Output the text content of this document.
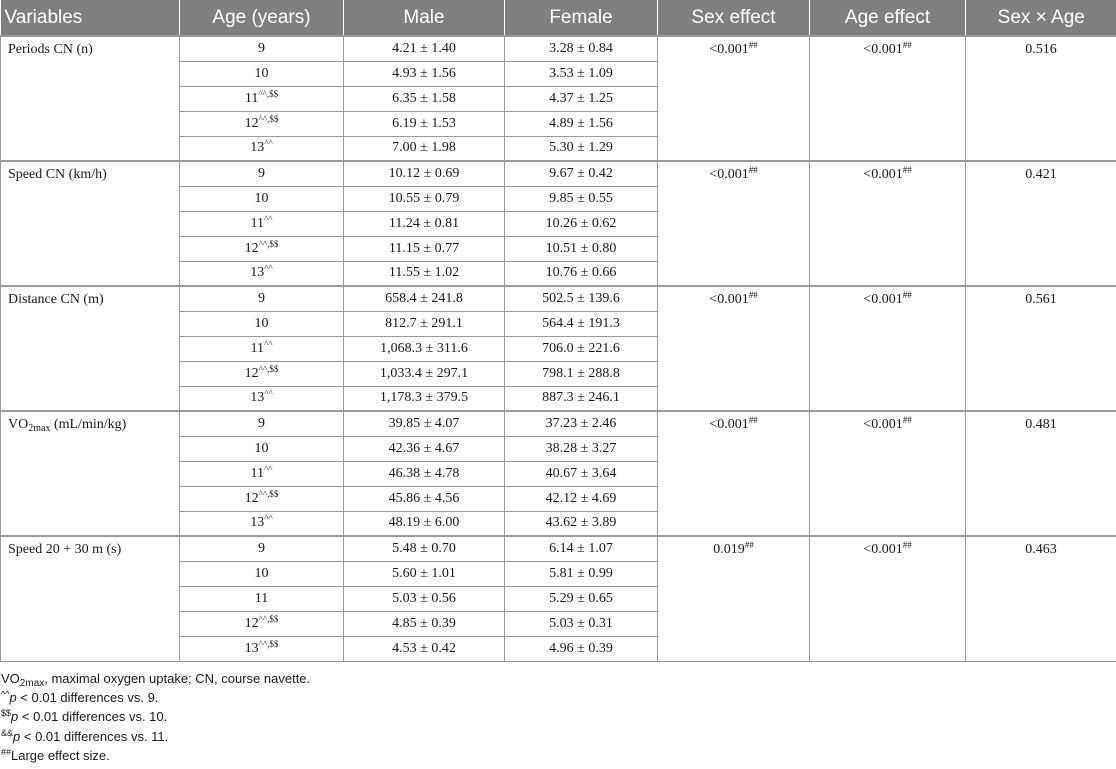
Variables	Age (years)	Male	Female	Sex effect	Age effect	Sex × Age
Periods CN (n)	9	4.21 ± 1.40	3.28 ± 0.84	<0.001##	<0.001##	0.516
	10	4.93 ± 1.56	3.53 ± 1.09			
	11^^,$$	6.35 ± 1.58	4.37 ± 1.25			
	12^^,$$	6.19 ± 1.53	4.89 ± 1.56			
	13^^	7.00 ± 1.98	5.30 ± 1.29			
Speed CN (km/h)	9	10.12 ± 0.69	9.67 ± 0.42	<0.001##	<0.001##	0.421
	10	10.55 ± 0.79	9.85 ± 0.55			
	11^^	11.24 ± 0.81	10.26 ± 0.62			
	12^^,$$	11.15 ± 0.77	10.51 ± 0.80			
	13^^	11.55 ± 1.02	10.76 ± 0.66			
Distance CN (m)	9	658.4 ± 241.8	502.5 ± 139.6	<0.001##	<0.001##	0.561
	10	812.7 ± 291.1	564.4 ± 191.3			
	11^^	1,068.3 ± 311.6	706.0 ± 221.6			
	12^^,$$	1,033.4 ± 297.1	798.1 ± 288.8			
	13^^	1,178.3 ± 379.5	887.3 ± 246.1			
$VO_{2max}$ (mL/min/kg)	9	39.85 ± 4.07	37.23 ± 2.46	<0.001##	<0.001##	0.481
	10	42.36 ± 4.67	38.28 ± 3.27			
	11^^	46.38 ± 4.78	40.67 ± 3.64			
	12^^,$$	45.86 ± 4.56	42.12 ± 4.69			
	13^^	48.19 ± 6.00	43.62 ± 3.89			
Speed 20 + 30 m (s)	9	5.48 ± 0.70	6.14 ± 1.07	0.019##	<0.001##	0.463
	10	5.60 ± 1.01	5.81 ± 0.99			
	11	5.03 ± 0.56	5.29 ± 0.65			
	12^^,$$	4.85 ± 0.39	5.03 ± 0.31			
	13^^,$$	4.53 ± 0.42	4.96 ± 0.39			
$VO_{2max}$, maximal oxygen uptake; CN, course navette.
^^p < 0.01 differences vs. 9.
$$p < 0.01 differences vs. 10.
&&p < 0.01 differences vs. 11.
##Large effect size.
